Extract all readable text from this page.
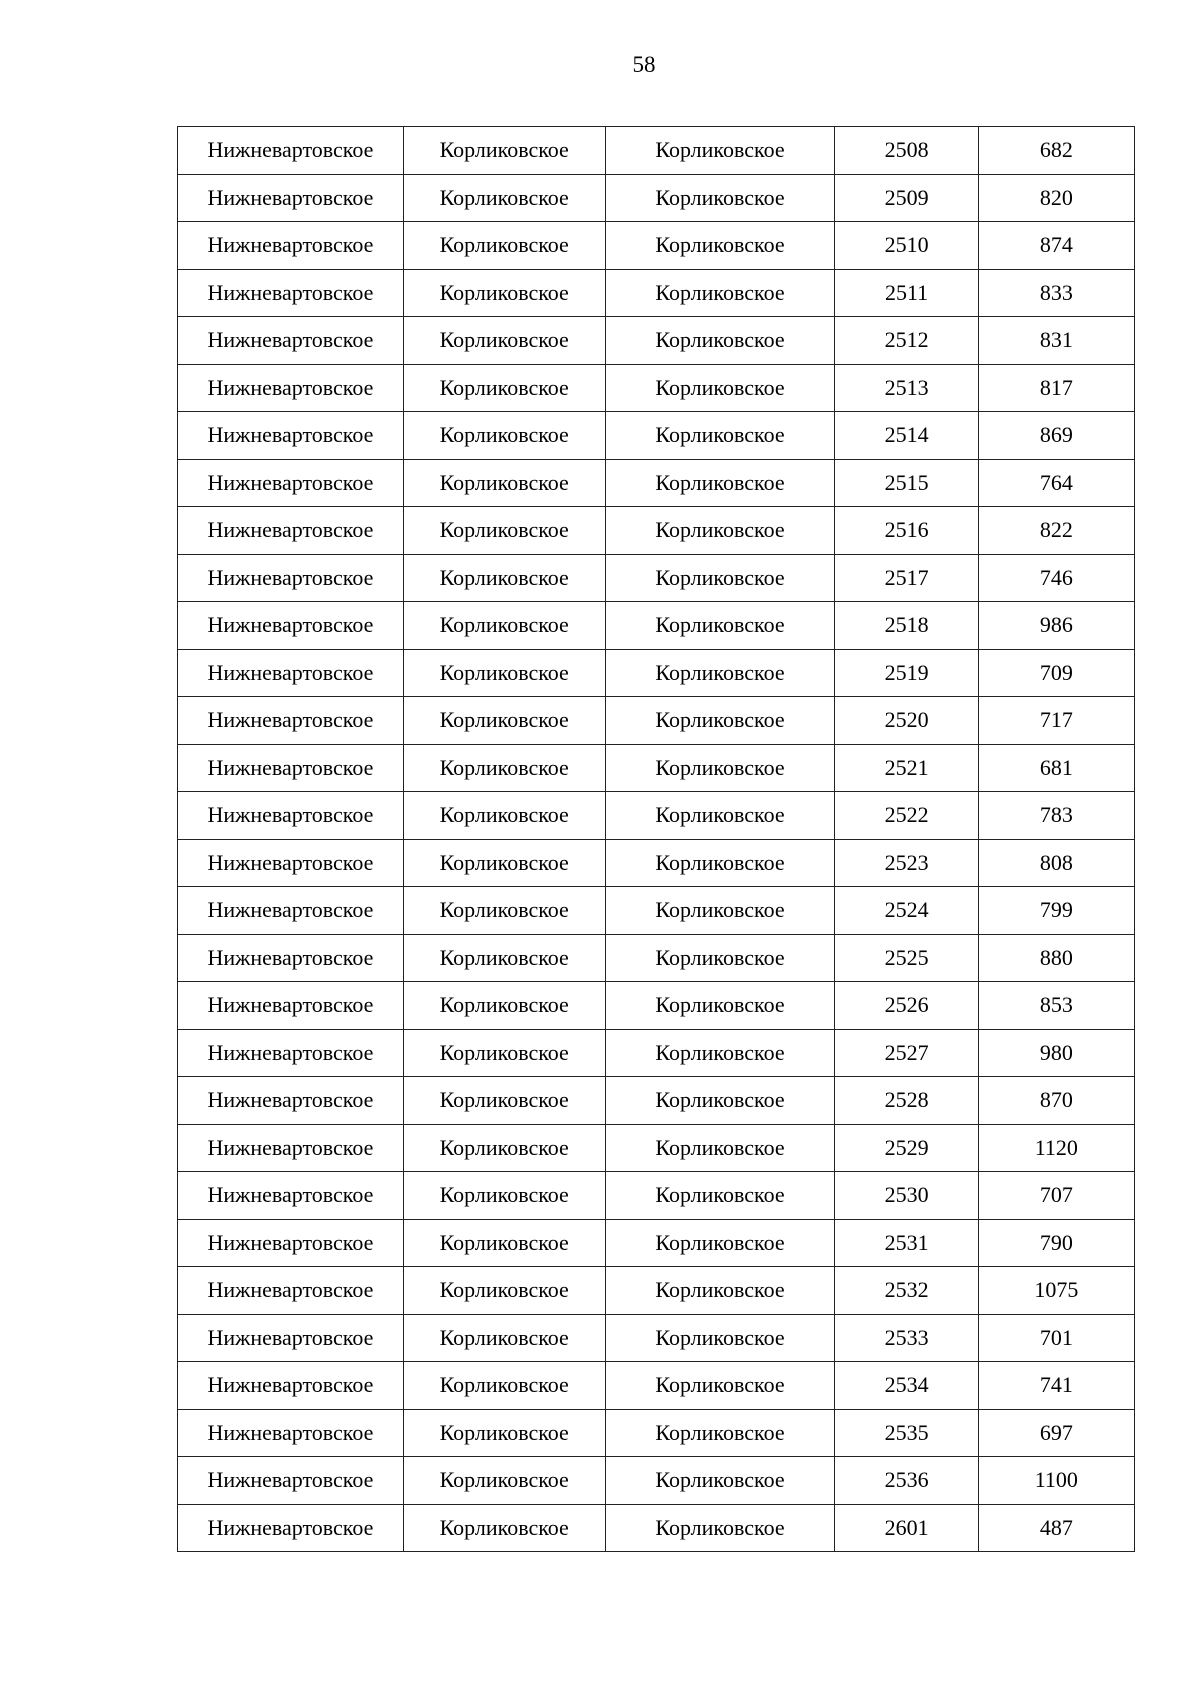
58
Нижневартовское	Корликовское	Корликовское	2508	682
Нижневартовское	Корликовское	Корликовское	2509	820
Нижневартовское	Корликовское	Корликовское	2510	874
Нижневартовское	Корликовское	Корликовское	2511	833
Нижневартовское	Корликовское	Корликовское	2512	831
Нижневартовское	Корликовское	Корликовское	2513	817
Нижневартовское	Корликовское	Корликовское	2514	869
Нижневартовское	Корликовское	Корликовское	2515	764
Нижневартовское	Корликовское	Корликовское	2516	822
Нижневартовское	Корликовское	Корликовское	2517	746
Нижневартовское	Корликовское	Корликовское	2518	986
Нижневартовское	Корликовское	Корликовское	2519	709
Нижневартовское	Корликовское	Корликовское	2520	717
Нижневартовское	Корликовское	Корликовское	2521	681
Нижневартовское	Корликовское	Корликовское	2522	783
Нижневартовское	Корликовское	Корликовское	2523	808
Нижневартовское	Корликовское	Корликовское	2524	799
Нижневартовское	Корликовское	Корликовское	2525	880
Нижневартовское	Корликовское	Корликовское	2526	853
Нижневартовское	Корликовское	Корликовское	2527	980
Нижневартовское	Корликовское	Корликовское	2528	870
Нижневартовское	Корликовское	Корликовское	2529	1120
Нижневартовское	Корликовское	Корликовское	2530	707
Нижневартовское	Корликовское	Корликовское	2531	790
Нижневартовское	Корликовское	Корликовское	2532	1075
Нижневартовское	Корликовское	Корликовское	2533	701
Нижневартовское	Корликовское	Корликовское	2534	741
Нижневартовское	Корликовское	Корликовское	2535	697
Нижневартовское	Корликовское	Корликовское	2536	1100
Нижневартовское	Корликовское	Корликовское	2601	487
